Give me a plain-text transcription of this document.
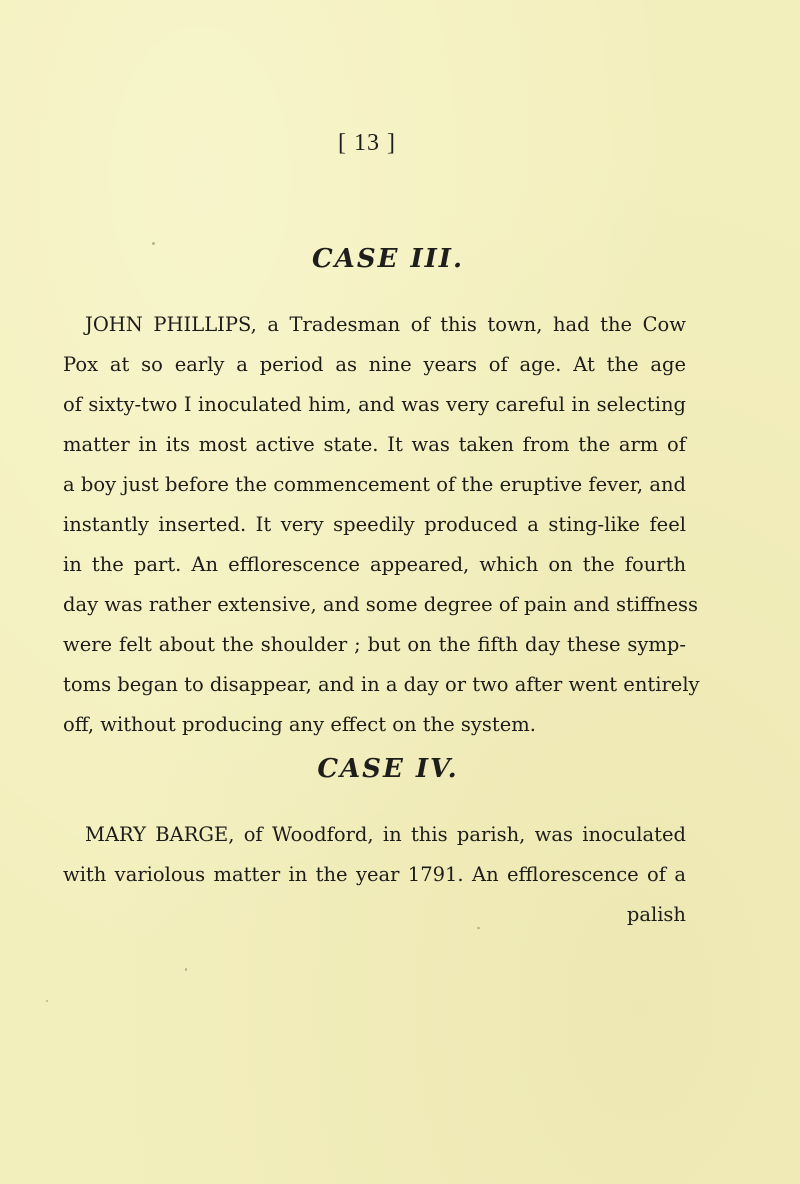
[ 13 ]
CASE III.
JOHN PHILLIPS, a Tradesman of this town, had the Cow
Pox at so early a period as nine years of age. At the age
of sixty-two I inoculated him, and was very careful in selecting
matter in its most active state. It was taken from the arm of
a boy just before the commencement of the eruptive fever, and
instantly inserted. It very speedily produced a sting-like feel
in the part. An efflorescence appeared, which on the fourth
day was rather extensive, and some degree of pain and stiffness
were felt about the shoulder ; but on the fifth day these symp-
toms began to disappear, and in a day or two after went entirely
off, without producing any effect on the system.
CASE IV.
MARY BARGE, of Woodford, in this parish, was inoculated
with variolous matter in the year 1791. An efflorescence of a
palish
